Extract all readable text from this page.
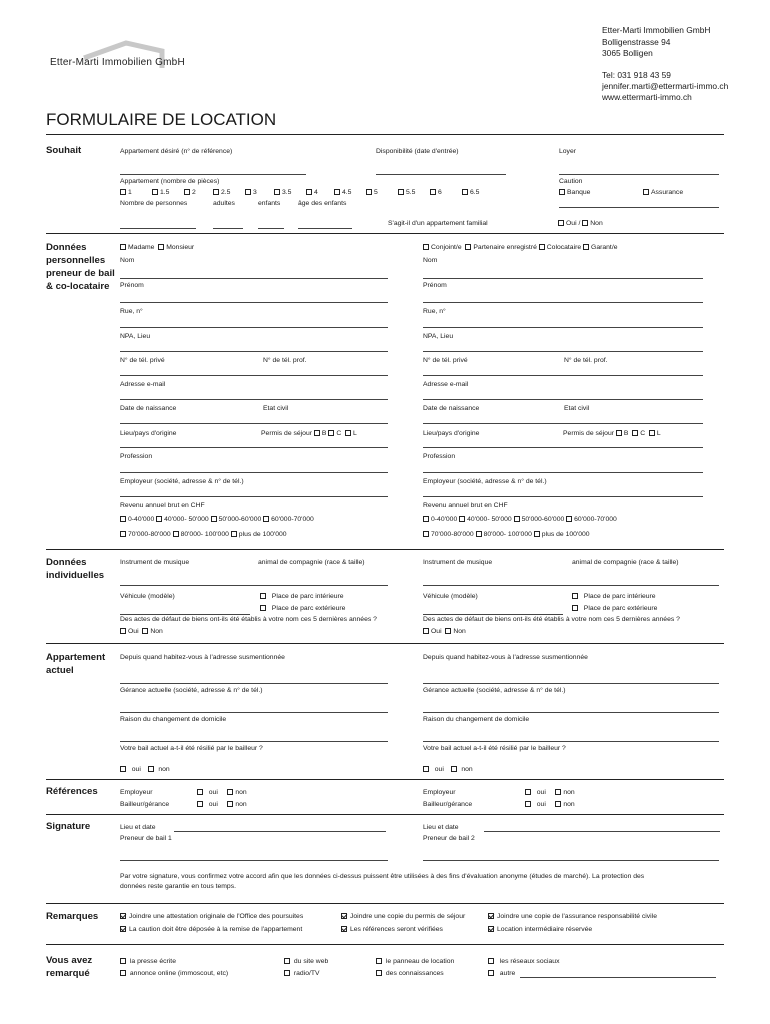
Etter-Marti Immobilien GmbH
Etter-Marti Immobilien GmbH
Bolligenstrasse 94
3065 Bolligen
Tel: 031 918 43 59
jennifer.marti@ettermarti-immo.ch
www.ettermarti-immo.ch
FORMULAIRE DE LOCATION
Souhait	Appartement désiré (n° de référence)	Disponibilité (date d'entrée)	Loyer
Appartement (nombre de pièces)	Caution
1	1.5	2	2.5	3	3.5	4	4.5	5	5.5	6	6.5	Banque	Assurance
Nombre de personnes	adultes	enfants	âge des enfants
S'agit-il d'un appartement familial	Oui / Non
Données personnelles preneur de bail & co-locataire
Madame Monsieur	Conjoint/e Partenaire enregistré Colocataire Garant/e
Nom	Nom
Prénom	Prénom
Rue, n°	Rue, n°
NPA, Lieu	NPA, Lieu
N° de tél. privé	N° de tél. prof.	N° de tél. privé	N° de tél. prof.
Adresse e-mail	Adresse e-mail
Date de naissance	Etat civil	Date de naissance	Etat civil
Lieu/pays d'origine	Permis de séjour B C L	Lieu/pays d'origine	Permis de séjour B C L
Profession	Profession
Employeur (société, adresse & n° de tél.)	Employeur (société, adresse & n° de tél.)
Revenu annuel brut en CHF	Revenu annuel brut en CHF
0-40'000 40'000- 50'000 50'000-60'000 60'000-70'000
70'000-80'000 80'000- 100'000 plus de 100'000
0-40'000 40'000- 50'000 50'000-60'000 60'000-70'000
70'000-80'000 80'000- 100'000 plus de 100'000
Données individuelles
Instrument de musique	animal de compagnie (race & taille)	Instrument de musique	animal de compagnie (race & taille)
Véhicule (modèle)	Place de parc intérieure
Place de parc extérieure
Véhicule (modèle)	Place de parc intérieure
Place de parc extérieure
Des actes de défaut de biens ont-ils été établis à votre nom ces 5 dernières années ?
Oui Non
Des actes de défaut de biens ont-ils été établis à votre nom ces 5 dernières années ?
Oui Non
Appartement actuel
Depuis quand habitez-vous à l'adresse susmentionnée	Depuis quand habitez-vous à l'adresse susmentionnée
Gérance actuelle (société, adresse & n° de tél.)	Gérance actuelle (société, adresse & n° de tél.)
Raison du changement de domicile	Raison du changement de domicile
Votre bail actuel a-t-il été résilié par le bailleur ?	Votre bail actuel a-t-il été résilié par le bailleur ?
oui	non	oui	non
Références	Employeur	oui	non
Bailleur/gérance	oui	non
Employeur	oui	non
Bailleur/gérance	oui	non
Signature	Lieu et date
Preneur de bail 1
Lieu et date
Preneur de bail 2
Par votre signature, vous confirmez votre accord afin que les données ci-dessus puissent être utilisées à des fins d'évaluation anonyme (études de marché). La protection des
données reste garantie en tous temps.
Remarques	Joindre une attestation originale de l'Office des poursuites	Joindre une copie du permis de séjour	Joindre une copie de l'assurance responsabilité civile
La caution doit être déposée à la remise de l'appartement	Les références seront vérifiées	Location intermédiaire réservée
Vous avez
remarqué
la presse écrite	du site web	le panneau de location	les réseaux sociaux
annonce online (immoscout, etc)	radio/TV	des connaissances	autre
